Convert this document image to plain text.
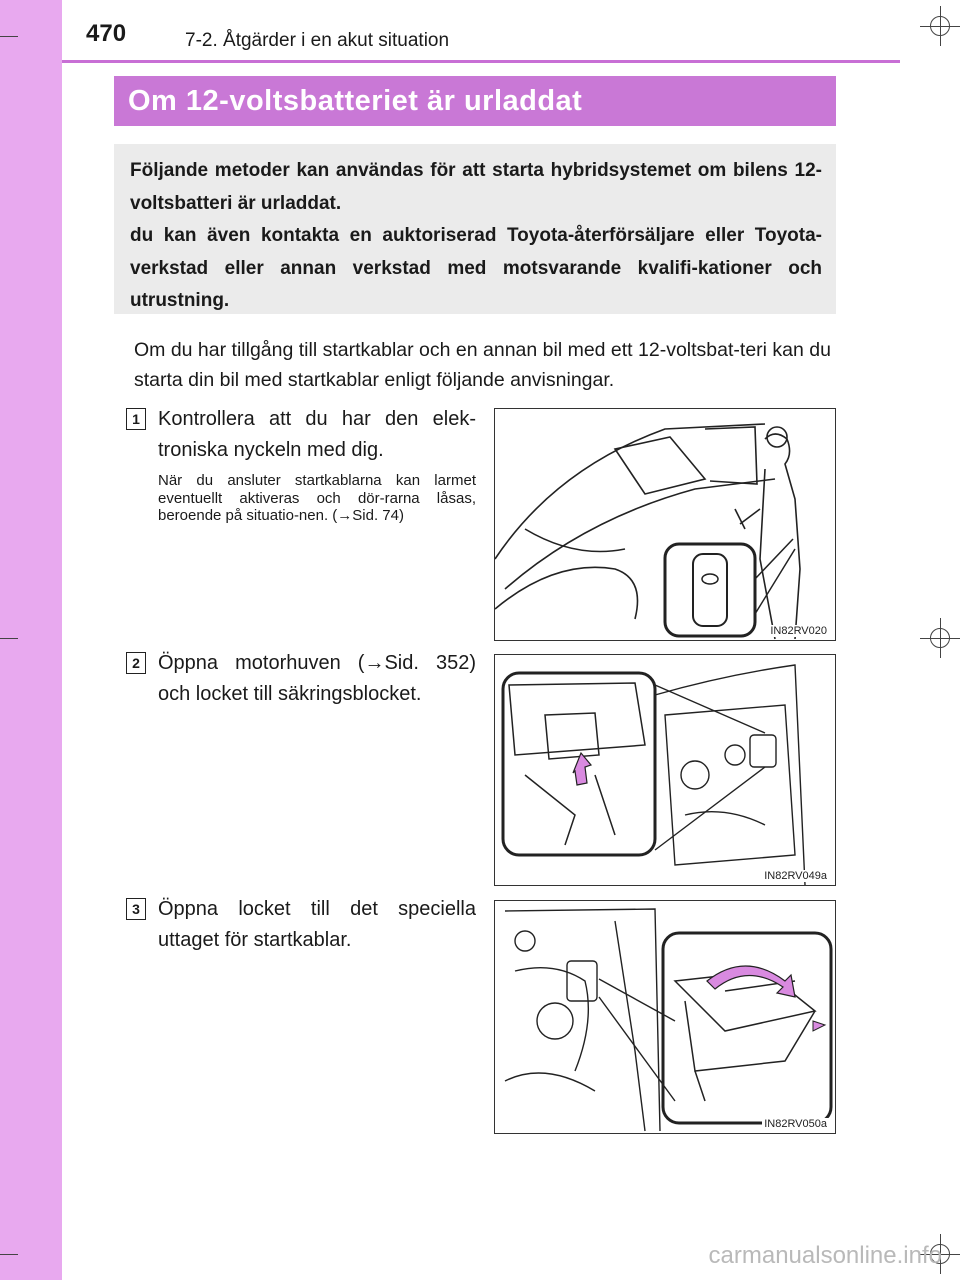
470	7-2. Åtgärder i en akut situation
Om 12-voltsbatteriet är urladdat

Följande metoder kan användas för att starta hybridsystemet om bilens 12-voltsbatteri är urladdat.

du kan även kontakta en auktoriserad Toyota-återförsäljare eller Toyota-verkstad eller annan verkstad med motsvarande kvalifi-kationer och utrustning.

Om du har tillgång till startkablar och en annan bil med ett 12-voltsbat-teri kan du starta din bil med startkablar enligt följande anvisningar.

1 Kontrollera att du har den elek-troniska nyckeln med dig.

När du ansluter startkablarna kan larmet eventuellt aktiveras och dör-rarna låsas, beroende på situatio-nen. (→Sid. 74)

IN82RV020
2 Öppna motorhuven (→Sid. 352) och locket till säkringsblocket.

IN82RV049a
3 Öppna locket till det speciella uttaget för startkablar.

IN82RV050a
carmanualsonline.info
